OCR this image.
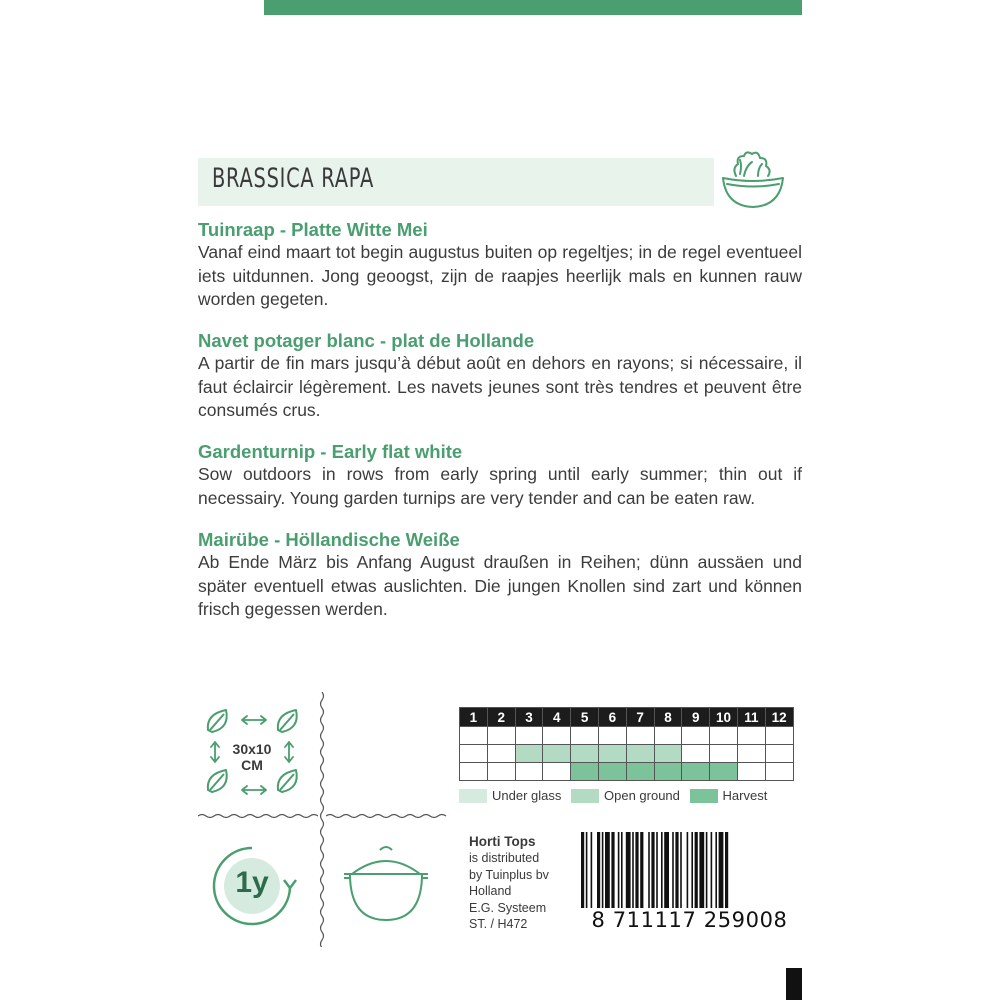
BRASSICA RAPA
Tuinraap - Platte Witte Mei

Vanaf eind maart tot begin augustus buiten op regeltjes; in de regel eventueel iets uitdunnen. Jong geoogst, zijn de raapjes heerlijk mals en kunnen rauw worden gegeten.

Navet potager blanc - plat de Hollande

A partir de fin mars jusqu’à début août en dehors en rayons; si nécessaire, il faut éclaircir légèrement. Les navets jeunes sont très tendres et peuvent être consumés crus.

Gardenturnip - Early flat white

Sow outdoors in rows from early spring until early summer; thin out if necessairy. Young garden turnips are very tender and can be eaten raw.

Mairübe - Höllandische Weiße

Ab Ende März bis Anfang August draußen in Reihen; dünn aussäen und später eventuell etwas auslichten. Die jungen Knollen sind zart und können frisch gegessen werden.

30x10
CM
1y
1	2	3	4	5	6	7	8	9	10	11	12

Under glass
	Open ground
	Harvest
Horti Tops
is distributed
by Tuinplus bv
Holland
E.G. Systeem
ST. / H472	8 711117 259008
